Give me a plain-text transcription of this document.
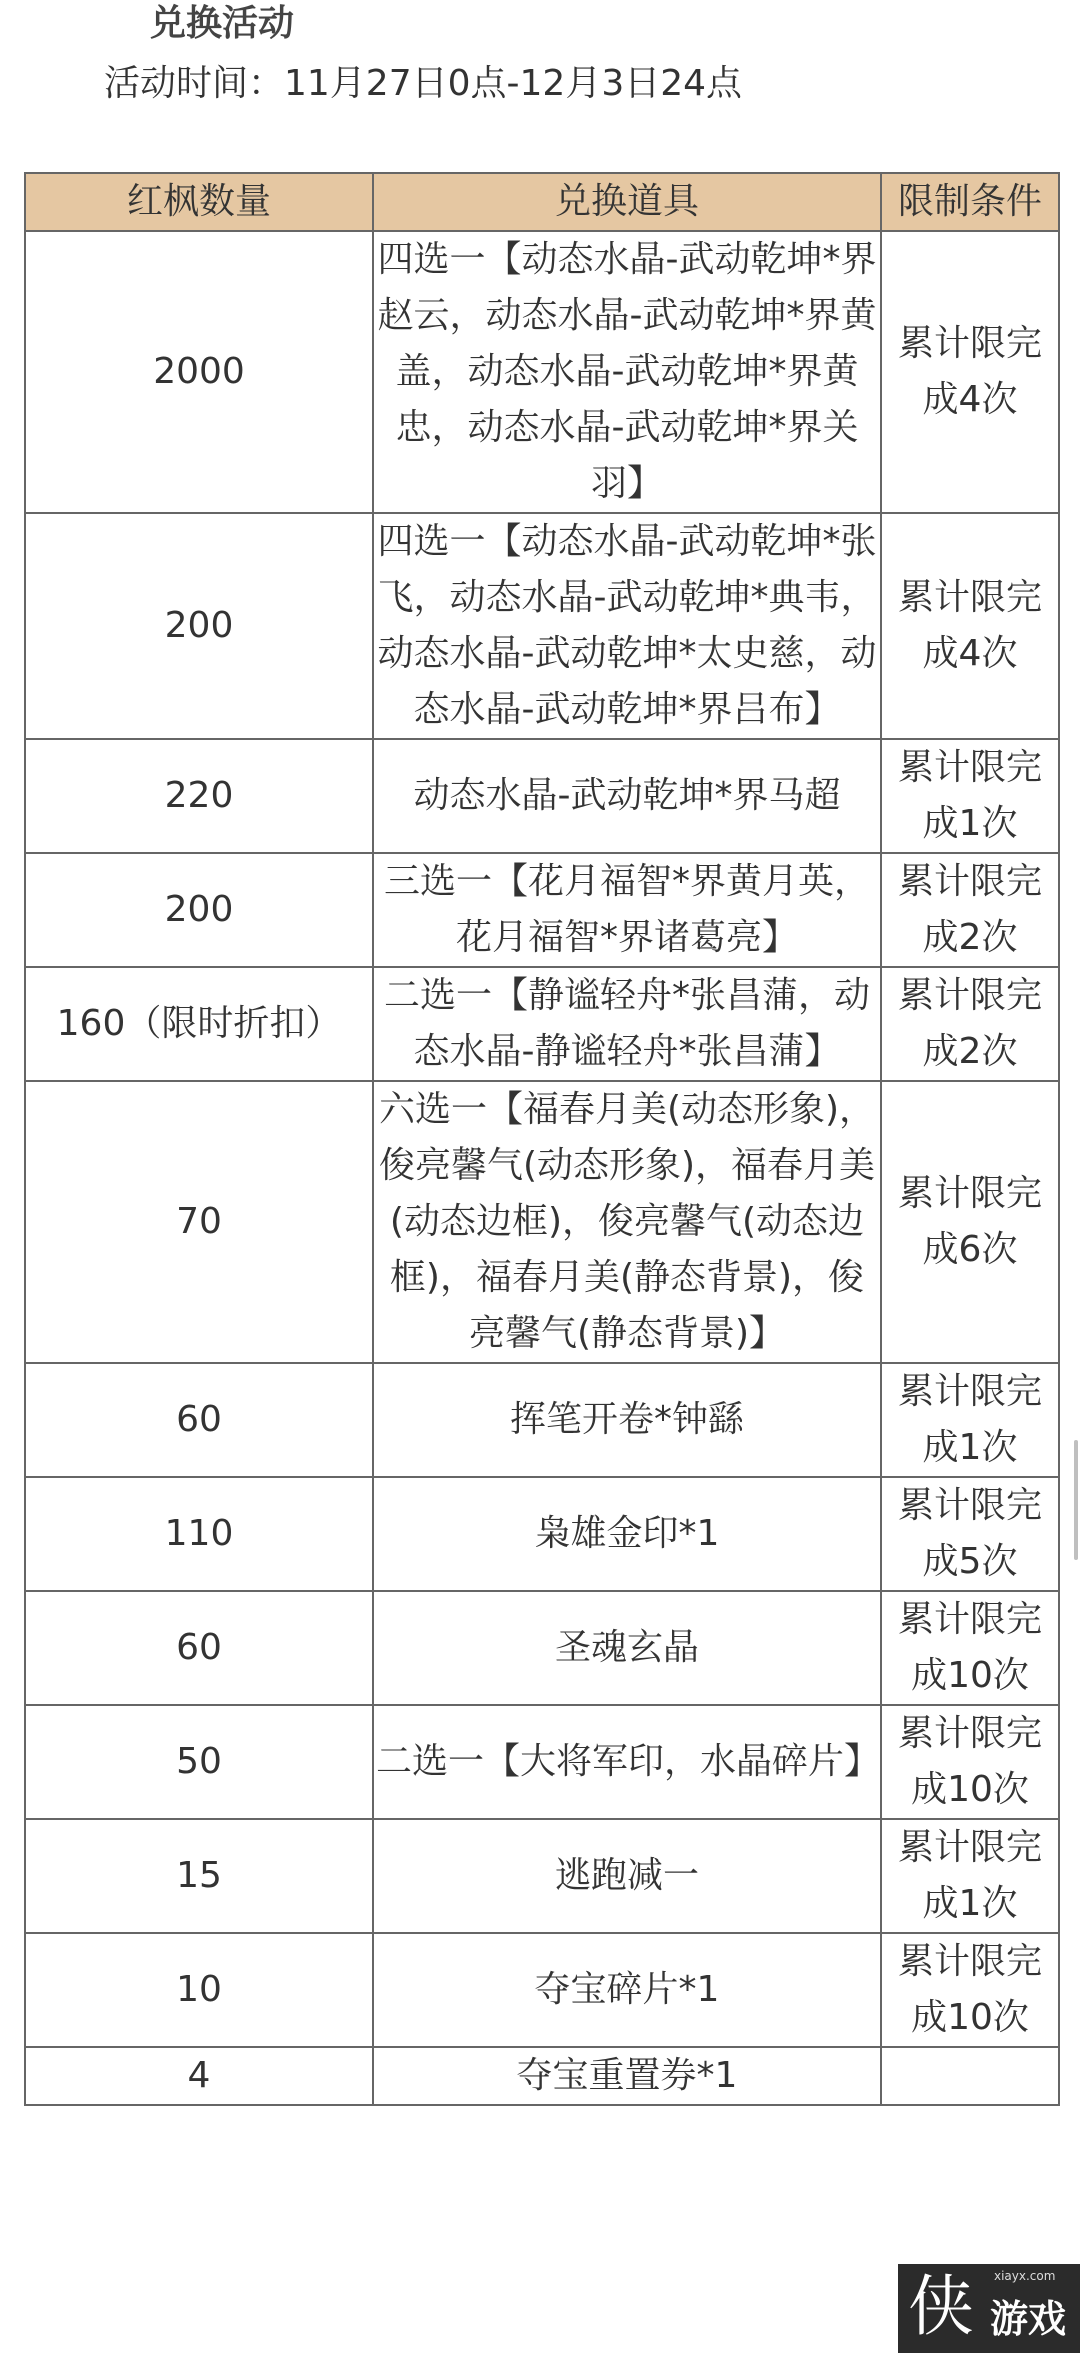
兑换活动
活动时间：11月27日0点-12月3日24点
红枫数量	兑换道具	限制条件
2000	四选一【动态水晶-武动乾坤*界赵云，动态水晶-武动乾坤*界黄盖，动态水晶-武动乾坤*界黄忠，动态水晶-武动乾坤*界关羽】	累计限完成4次
200	四选一【动态水晶-武动乾坤*张飞，动态水晶-武动乾坤*典韦，动态水晶-武动乾坤*太史慈，动态水晶-武动乾坤*界吕布】	累计限完成4次
220	动态水晶-武动乾坤*界马超	累计限完成1次
200	三选一【花月福智*界黄月英，花月福智*界诸葛亮】	累计限完成2次
160（限时折扣）	二选一【静谧轻舟*张昌蒲，动态水晶-静谧轻舟*张昌蒲】	累计限完成2次
70	六选一【福春月美(动态形象)，俊亮馨气(动态形象)，福春月美(动态边框)，俊亮馨气(动态边框)，福春月美(静态背景)，俊亮馨气(静态背景)】	累计限完成6次
60	挥笔开卷*钟繇	累计限完成1次
110	枭雄金印*1	累计限完成5次
60	圣魂玄晶	累计限完成10次
50	二选一【大将军印，水晶碎片】	累计限完成10次
15	逃跑减一	累计限完成1次
10	夺宝碎片*1	累计限完成10次
4	夺宝重置券*1	
侠 xiayx.com
游戏
